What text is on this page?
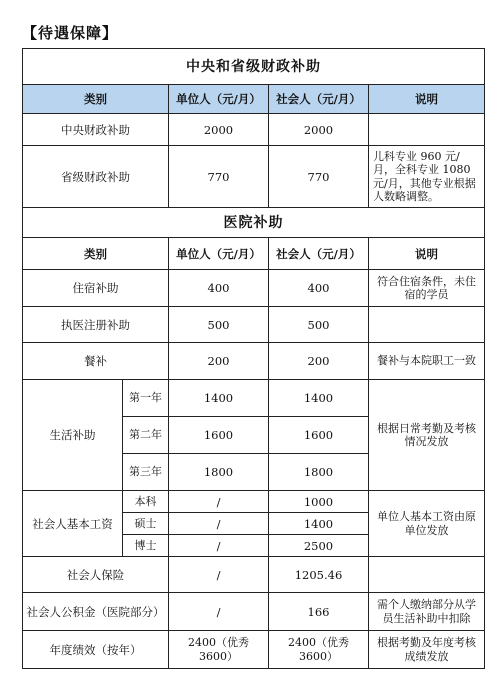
【待遇保障】
中央和省级财政补助				
类别		单位人（元/月）	社会人（元/月）	说明
中央财政补助		2000	2000	
省级财政补助		770	770	儿科专业 960 元/月，全科专业 1080 元/月，其他专业根据人数略调整。
医院补助				
类别		单位人（元/月）	社会人（元/月）	说明
住宿补助		400	400	符合住宿条件，未住宿的学员
执医注册补助		500	500	
餐补		200	200	餐补与本院职工一致
生活补助	第一年	1400	1400	根据日常考勤及考核情况发放
	第二年	1600	1600	
	第三年	1800	1800	
社会人基本工资	本科	/	1000	单位人基本工资由原单位发放
	硕士	/	1400	
	博士	/	2500	
社会人保险		/	1205.46	
社会人公积金（医院部分）		/	166	需个人缴纳部分从学员生活补助中扣除
年度绩效（按年）		2400（优秀 3600）	2400（优秀 3600）	根据考勤及年度考核成绩发放
